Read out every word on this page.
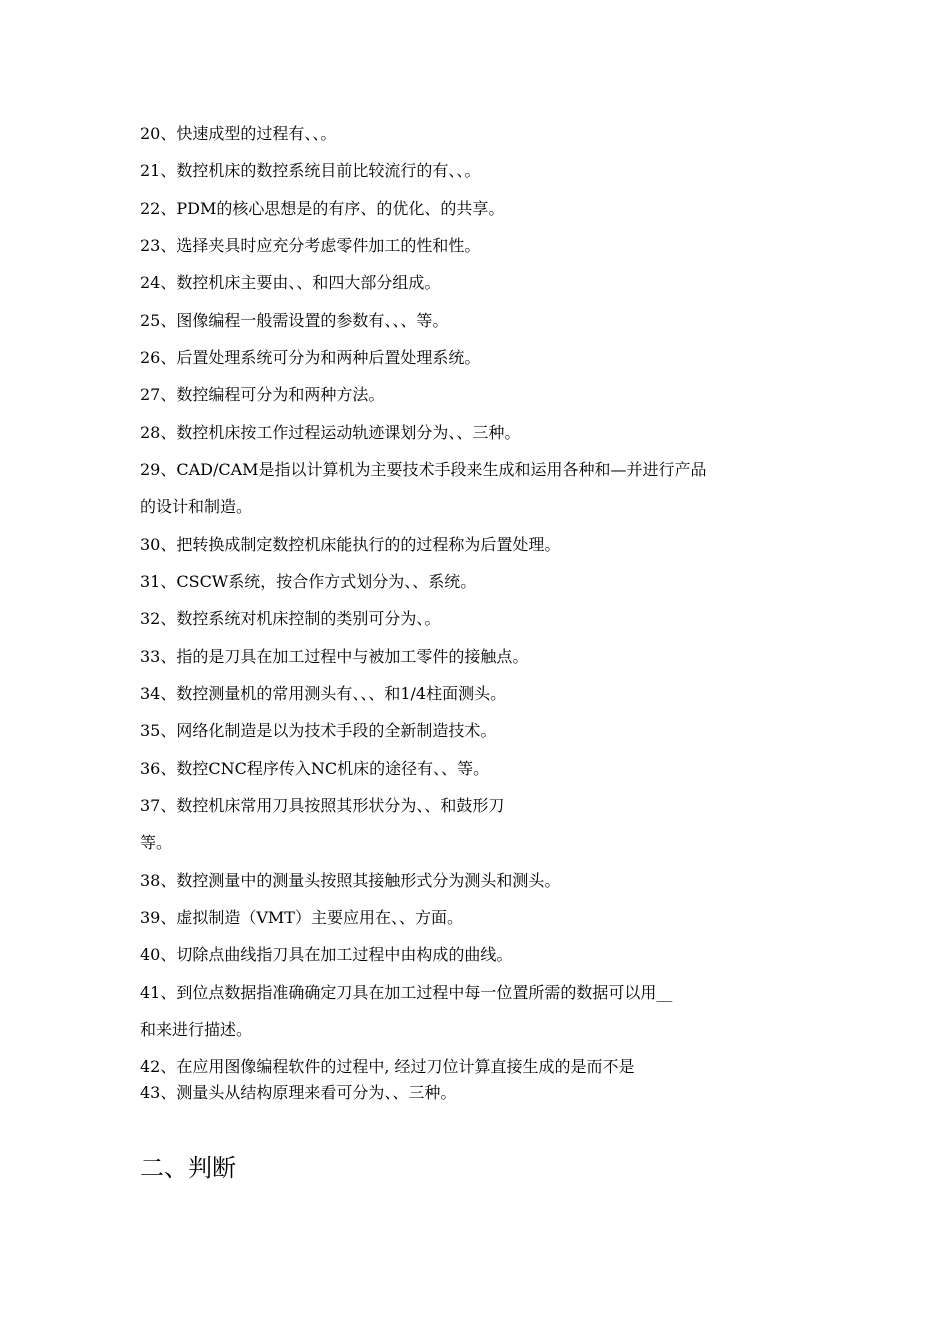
20、快速成型的过程有、、。
21、数控机床的数控系统目前比较流行的有、、。
22、PDM的核心思想是的有序、的优化、的共享。
23、选择夹具时应充分考虑零件加工的性和性。
24、数控机床主要由、、和四大部分组成。
25、图像编程一般需设置的参数有、、、等。
26、后置处理系统可分为和两种后置处理系统。
27、数控编程可分为和两种方法。
28、数控机床按工作过程运动轨迹课划分为、、三种。
29、CAD/CAM是指以计算机为主要技术手段来生成和运用各种和—并进行产品
的设计和制造。
30、把转换成制定数控机床能执行的的过程称为后置处理。
31、CSCW系统，按合作方式划分为、、系统。
32、数控系统对机床控制的类别可分为、。
33、指的是刀具在加工过程中与被加工零件的接触点。
34、数控测量机的常用测头有、、、和1/4柱面测头。
35、网络化制造是以为技术手段的全新制造技术。
36、数控CNC程序传入NC机床的途径有、、等。
37、数控机床常用刀具按照其形状分为、、和鼓形刀
等。
38、数控测量中的测量头按照其接触形式分为测头和测头。
39、虚拟制造（VMT）主要应用在、、方面。
40、切除点曲线指刀具在加工过程中由构成的曲线。
41、到位点数据指准确确定刀具在加工过程中每一位置所需的数据可以用__
和来进行描述。
42、在应用图像编程软件的过程中, 经过刀位计算直接生成的是而不是
43、测量头从结构原理来看可分为、、三种。
二、判断
